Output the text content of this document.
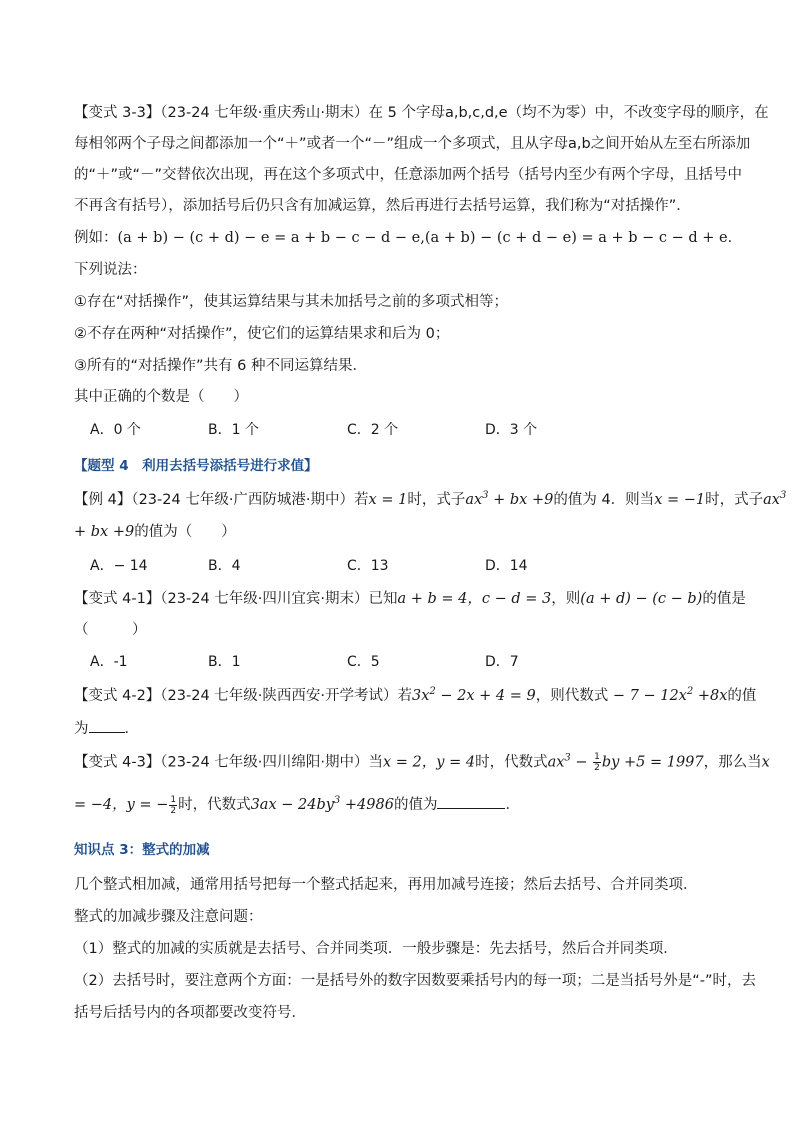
【变式 3-3】（23-24 七年级·重庆秀山·期末）在 5 个字母a,b,c,d,e（均不为零）中，不改变字母的顺序，在
每相邻两个子母之间都添加一个“＋”或者一个“－”组成一个多项式，且从字母a,b之间开始从左至右所添加
的“＋”或“－”交替依次出现，再在这个多项式中，任意添加两个括号（括号内至少有两个字母，且括号中
不再含有括号），添加括号后仍只含有加减运算，然后再进行去括号运算，我们称为“对括操作”．
例如：(a + b) − (c + d) − e = a + b − c − d − e,(a + b) − (c + d − e) = a + b − c − d + e．
下列说法：
①存在“对括操作”，使其运算结果与其未加括号之前的多项式相等；
②不存在两种“对括操作”，使它们的运算结果求和后为 0；
③所有的“对括操作”共有 6 种不同运算结果．
其中正确的个数是（　　）
A．0 个	B．1 个	C．2 个	D．3 个
【题型 4　利用去括号添括号进行求值】
【例 4】（23-24 七年级·广西防城港·期中）若x = 1时，式子$ax^3$ + bx +9的值为 4．则当x = −1时，式子$ax^3$
+ bx +9的值为（　　）
A．− 14	B．4	C．13	D．14
【变式 4-1】（23-24 七年级·四川宜宾·期末）已知a + b = 4，c − d = 3，则(a + d) − (c − b)的值是
（　　　）
A．-1	B．1	C．5	D．7
【变式 4-2】（23-24 七年级·陕西西安·开学考试）若$3x^2 - 2x + 4 = 9$，则代数式 − $7 - 12x^2 +8x$的值
为 ．
【变式 4-3】（23-24 七年级·四川绵阳·期中）当x = 2，y = 4时，代数式$ax^3 - \frac{1}{2}$ by +5 = 1997，那么当x
= −4，y = − $\frac{1}{2}$ 时，代数式$3ax - 24by^3 +4986$的值为	．
知识点 3：整式的加减
几个整式相加减，通常用括号把每一个整式括起来，再用加减号连接；然后去括号、合并同类项．
整式的加减步骤及注意问题：
（1）整式的加减的实质就是去括号、合并同类项．一般步骤是：先去括号，然后合并同类项．
（2）去括号时，要注意两个方面：一是括号外的数字因数要乘括号内的每一项；二是当括号外是“-”时，去
括号后括号内的各项都要改变符号．
